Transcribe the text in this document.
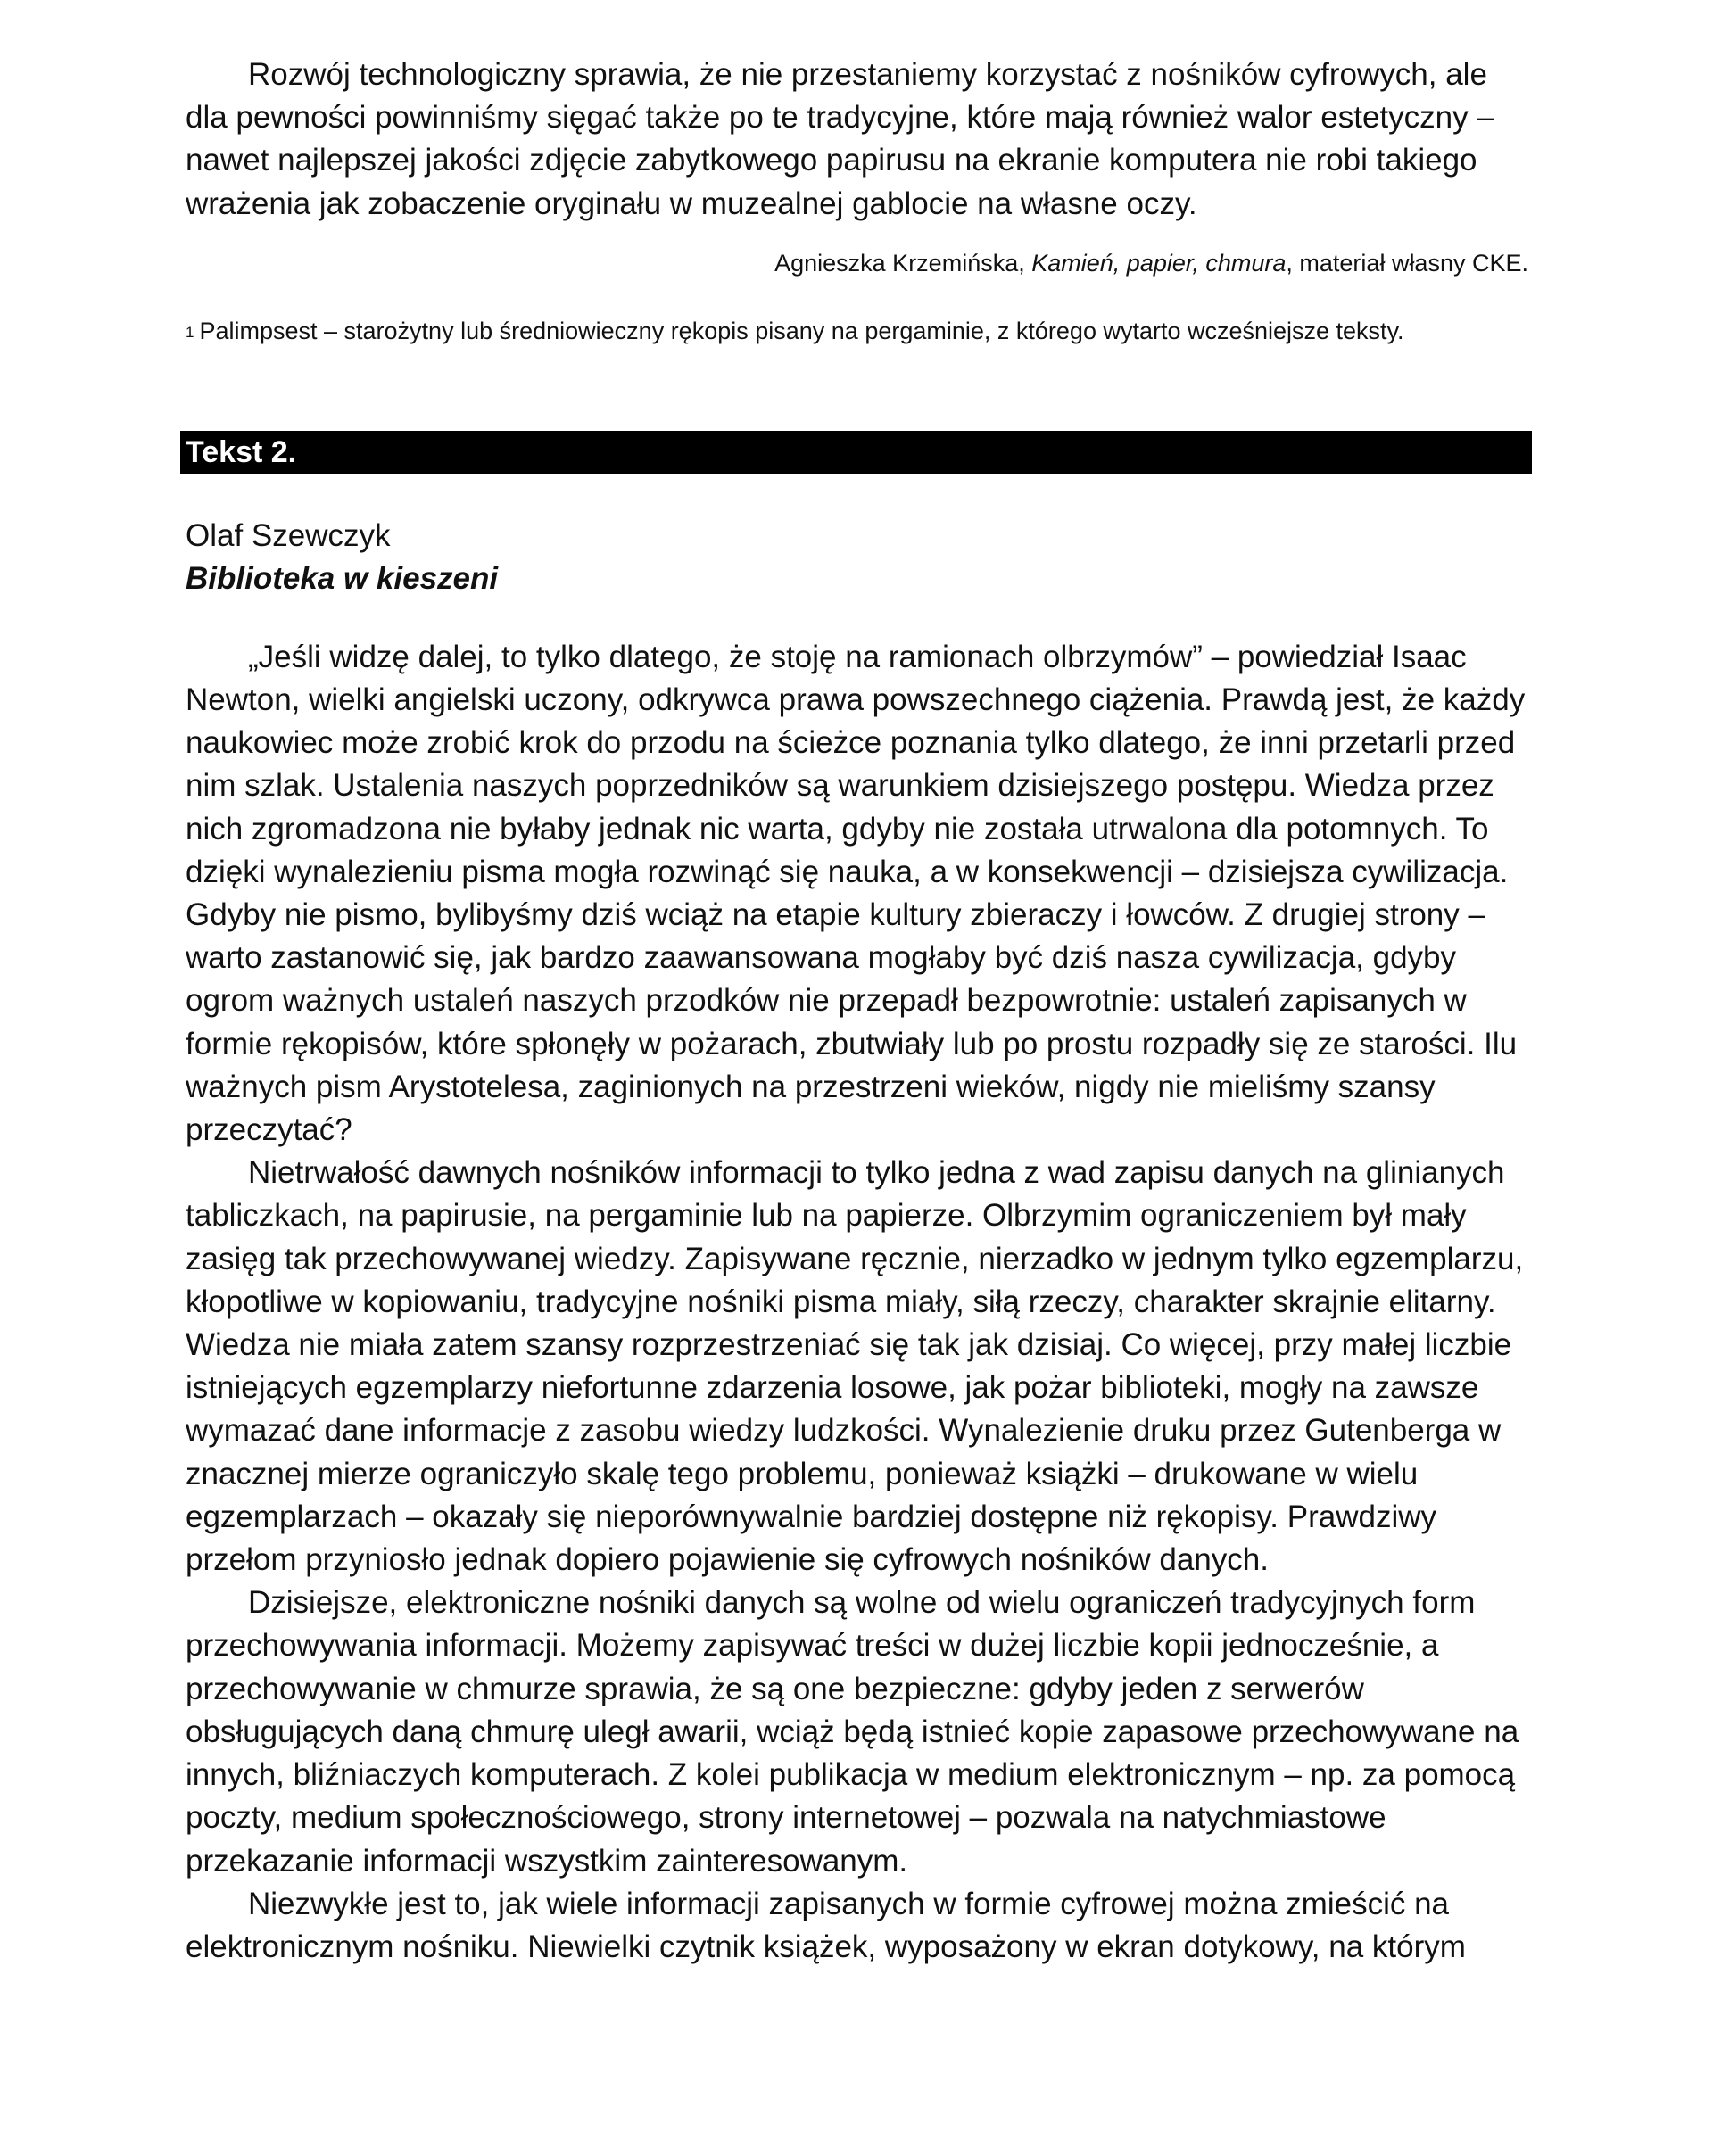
Rozwój technologiczny sprawia, że nie przestaniemy korzystać z nośników cyfrowych, ale dla pewności powinniśmy sięgać także po te tradycyjne, które mają również walor estetyczny – nawet najlepszej jakości zdjęcie zabytkowego papirusu na ekranie komputera nie robi takiego wrażenia jak zobaczenie oryginału w muzealnej gablocie na własne oczy.

Agnieszka Krzemińska, Kamień, papier, chmura, materiał własny CKE.

$^1$ Palimpsest – starożytny lub średniowieczny rękopis pisany na pergaminie, z którego wytarto wcześniejsze teksty.

Tekst 2.

Olaf Szewczyk

Biblioteka w kieszeni

„Jeśli widzę dalej, to tylko dlatego, że stoję na ramionach olbrzymów” – powiedział Isaac Newton, wielki angielski uczony, odkrywca prawa powszechnego ciążenia. Prawdą jest, że każdy naukowiec może zrobić krok do przodu na ścieżce poznania tylko dlatego, że inni przetarli przed nim szlak. Ustalenia naszych poprzedników są warunkiem dzisiejszego postępu. Wiedza przez nich zgromadzona nie byłaby jednak nic warta, gdyby nie została utrwalona dla potomnych. To dzięki wynalezieniu pisma mogła rozwinąć się nauka, a w konsekwencji – dzisiejsza cywilizacja. Gdyby nie pismo, bylibyśmy dziś wciąż na etapie kultury zbieraczy i łowców. Z drugiej strony – warto zastanowić się, jak bardzo zaawansowana mogłaby być dziś nasza cywilizacja, gdyby ogrom ważnych ustaleń naszych przodków nie przepadł bezpowrotnie: ustaleń zapisanych w formie rękopisów, które spłonęły w pożarach, zbutwiały lub po prostu rozpadły się ze starości. Ilu ważnych pism Arystotelesa, zaginionych na przestrzeni wieków, nigdy nie mieliśmy szansy przeczytać?

Nietrwałość dawnych nośników informacji to tylko jedna z wad zapisu danych na glinianych tabliczkach, na papirusie, na pergaminie lub na papierze. Olbrzymim ograniczeniem był mały zasięg tak przechowywanej wiedzy. Zapisywane ręcznie, nierzadko w jednym tylko egzemplarzu, kłopotliwe w kopiowaniu, tradycyjne nośniki pisma miały, siłą rzeczy, charakter skrajnie elitarny. Wiedza nie miała zatem szansy rozprzestrzeniać się tak jak dzisiaj. Co więcej, przy małej liczbie istniejących egzemplarzy niefortunne zdarzenia losowe, jak pożar biblioteki, mogły na zawsze wymazać dane informacje z zasobu wiedzy ludzkości. Wynalezienie druku przez Gutenberga w znacznej mierze ograniczyło skalę tego problemu, ponieważ książki – drukowane w wielu egzemplarzach – okazały się nieporównywalnie bardziej dostępne niż rękopisy. Prawdziwy przełom przyniosło jednak dopiero pojawienie się cyfrowych nośników danych.

Dzisiejsze, elektroniczne nośniki danych są wolne od wielu ograniczeń tradycyjnych form przechowywania informacji. Możemy zapisywać treści w dużej liczbie kopii jednocześnie, a przechowywanie w chmurze sprawia, że są one bezpieczne: gdyby jeden z serwerów obsługujących daną chmurę uległ awarii, wciąż będą istnieć kopie zapasowe przechowywane na innych, bliźniaczych komputerach. Z kolei publikacja w medium elektronicznym – np. za pomocą poczty, medium społecznościowego, strony internetowej – pozwala na natychmiastowe przekazanie informacji wszystkim zainteresowanym.

Niezwykłe jest to, jak wiele informacji zapisanych w formie cyfrowej można zmieścić na elektronicznym nośniku. Niewielki czytnik książek, wyposażony w ekran dotykowy, na którym
